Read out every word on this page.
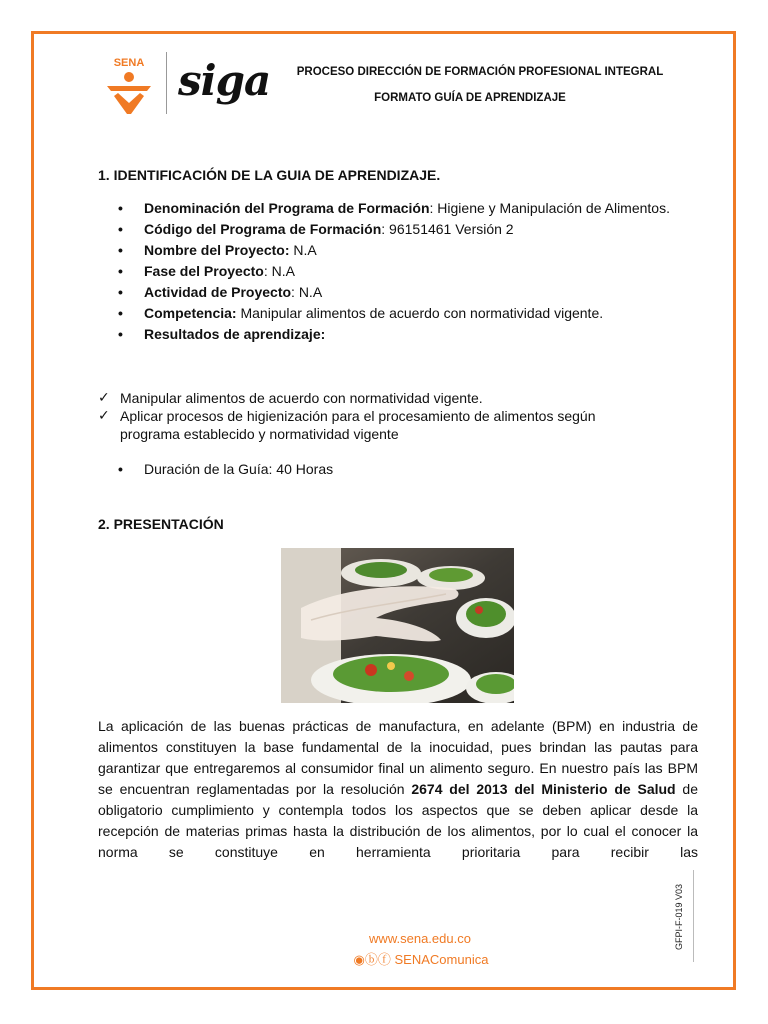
SENA siga	PROCESO DIRECCIÓN DE FORMACIÓN PROFESIONAL INTEGRAL
FORMATO GUÍA DE APRENDIZAJE
1. IDENTIFICACIÓN DE LA GUIA DE APRENDIZAJE.
• Denominación del Programa de Formación: Higiene y Manipulación de Alimentos.
• Código del Programa de Formación: 96151461 Versión 2
• Nombre del Proyecto: N.A
• Fase del Proyecto: N.A
• Actividad de Proyecto: N.A
• Competencia: Manipular alimentos de acuerdo con normatividad vigente.
• Resultados de aprendizaje:
✓ Manipular alimentos de acuerdo con normatividad vigente.
✓ Aplicar procesos de higienización para el procesamiento de alimentos según programa establecido y normatividad vigente
• Duración de la Guía: 40 Horas
2. PRESENTACIÓN
La aplicación de las buenas prácticas de manufactura, en adelante (BPM) en industria de alimentos constituyen la base fundamental de la inocuidad, pues brindan las pautas para garantizar que entregaremos al consumidor final un alimento seguro. En nuestro país las BPM se encuentran reglamentadas por la resolución 2674 del 2013 del Ministerio de Salud de obligatorio cumplimiento y contempla todos los aspectos que se deben aplicar desde la recepción de materias primas hasta la distribución de los alimentos, por lo cual el conocer la norma se constituye en herramienta prioritaria para recibir las
GFPI-F-019 V03
www.sena.edu.co
◉ⓑⓕ SENAComunica
